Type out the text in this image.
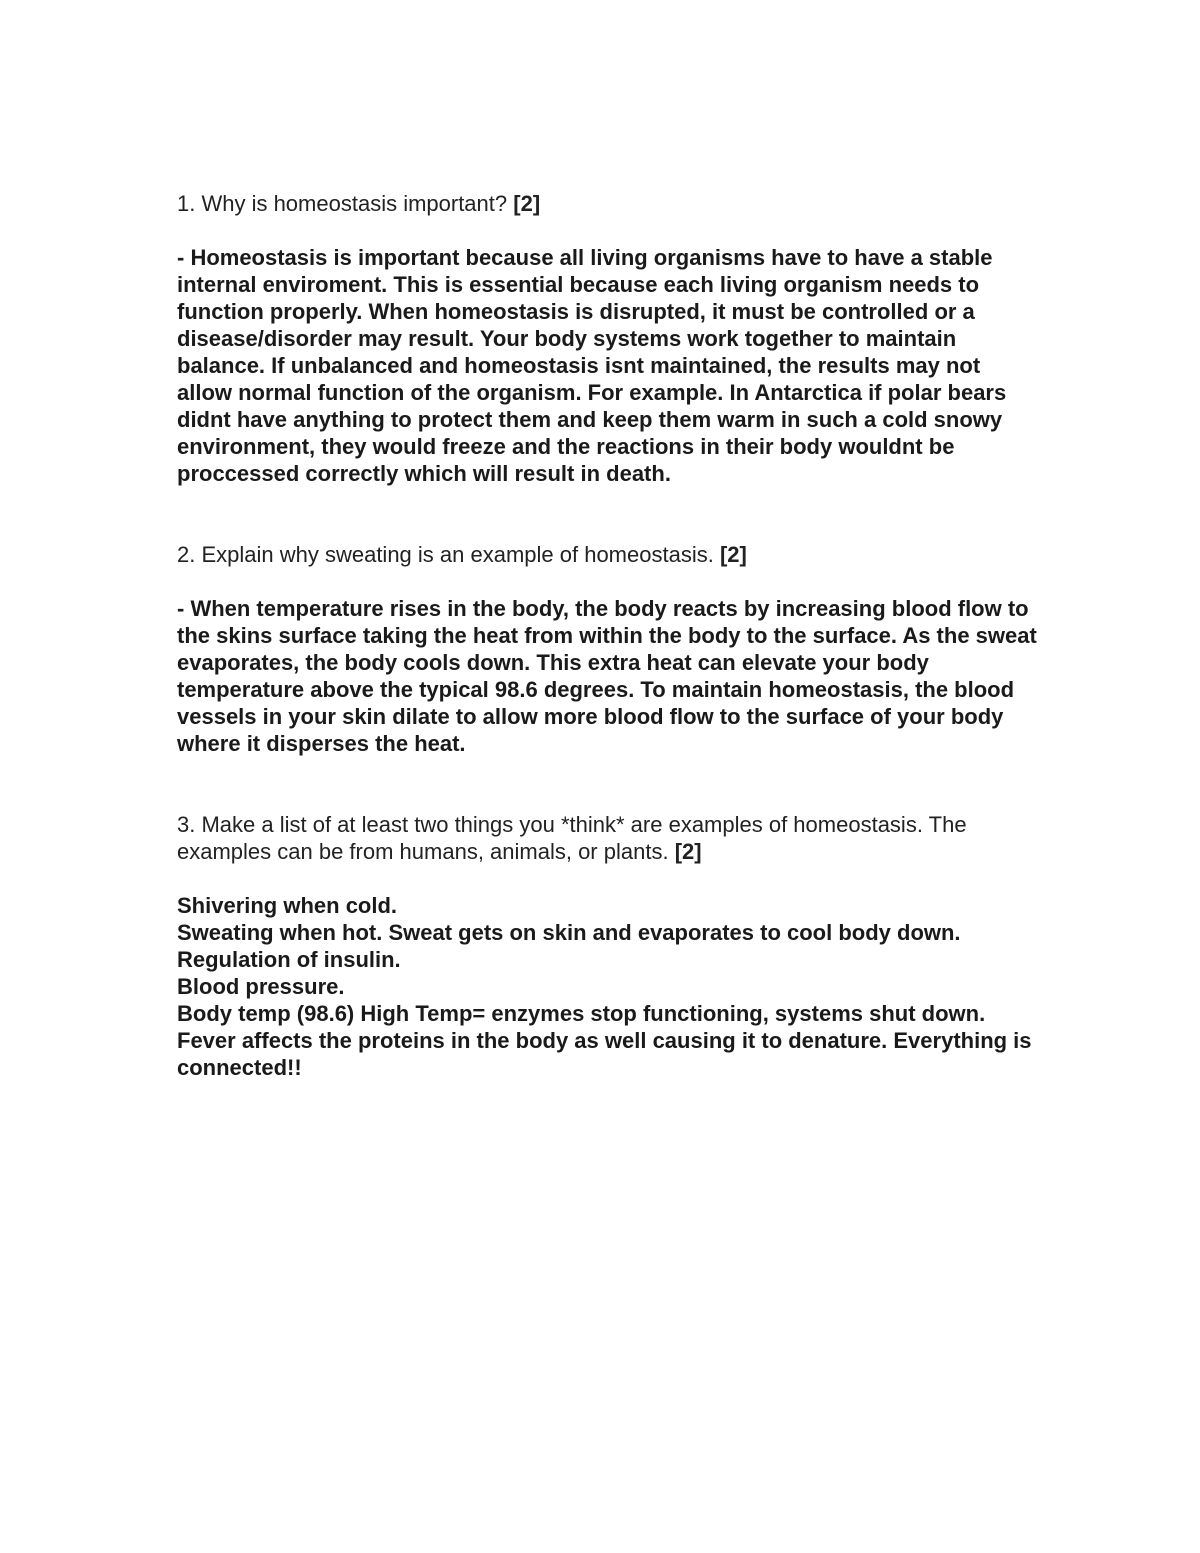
1. Why is homeostasis important? [2]

- Homeostasis is important because all living organisms have to have a stable internal enviroment. This is essential because each living organism needs to function properly. When homeostasis is disrupted, it must be controlled or a disease/disorder may result. Your body systems work together to maintain balance. If unbalanced and homeostasis isnt maintained, the results may not allow normal function of the organism. For example. In Antarctica if polar bears didnt have anything to protect them and keep them warm in such a cold snowy environment, they would freeze and the reactions in their body wouldnt be proccessed correctly which will result in death.

2. Explain why sweating is an example of homeostasis. [2]

- When temperature rises in the body, the body reacts by increasing blood flow to the skins surface taking the heat from within the body to the surface. As the sweat evaporates, the body cools down. This extra heat can elevate your body temperature above the typical 98.6 degrees. To maintain homeostasis, the blood vessels in your skin dilate to allow more blood flow to the surface of your body where it disperses the heat.

3. Make a list of at least two things you *think* are examples of homeostasis. The examples can be from humans, animals, or plants. [2]

Shivering when cold.
Sweating when hot. Sweat gets on skin and evaporates to cool body down.
Regulation of insulin.
Blood pressure.
Body temp (98.6) High Temp= enzymes stop functioning, systems shut down. Fever affects the proteins in the body as well causing it to denature. Everything is connected!!
